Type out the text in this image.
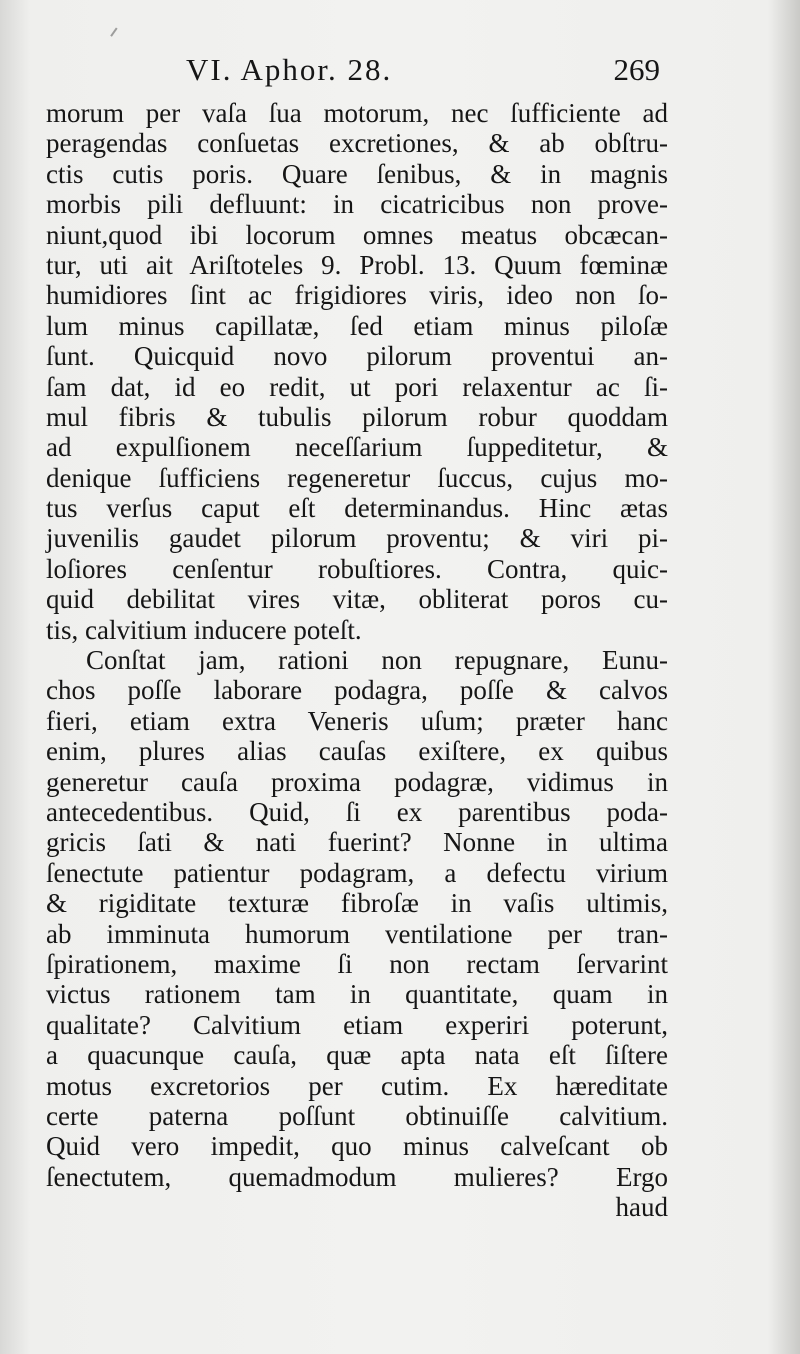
VI. Aphor. 28.	269
morum per vaſa ſua motorum, nec ſufficiente ad
peragendas conſuetas excretiones, & ab obſtru-
ctis cutis poris. Quare ſenibus, & in magnis
morbis pili defluunt: in cicatricibus non prove-
niunt,quod ibi locorum omnes meatus obcæcan-
tur, uti ait Ariſtoteles 9. Probl. 13. Quum fœminæ
humidiores ſint ac frigidiores viris, ideo non ſo-
lum minus capillatæ, ſed etiam minus piloſæ
ſunt. Quicquid novo pilorum proventui an-
ſam dat, id eo redit, ut pori relaxentur ac ſi-
mul fibris & tubulis pilorum robur quoddam
ad expulſionem neceſſarium ſuppeditetur, &
denique ſufficiens regeneretur ſuccus, cujus mo-
tus verſus caput eſt determinandus. Hinc ætas
juvenilis gaudet pilorum proventu; & viri pi-
loſiores cenſentur robuſtiores. Contra, quic-
quid debilitat vires vitæ, obliterat poros cu-
tis, calvitium inducere poteſt.
Conſtat jam, rationi non repugnare, Eunu-
chos poſſe laborare podagra, poſſe & calvos
fieri, etiam extra Veneris uſum; præter hanc
enim, plures alias cauſas exiſtere, ex quibus
generetur cauſa proxima podagræ, vidimus in
antecedentibus. Quid, ſi ex parentibus poda-
gricis ſati & nati fuerint? Nonne in ultima
ſenectute patientur podagram, a defectu virium
& rigiditate texturæ fibroſæ in vaſis ultimis,
ab imminuta humorum ventilatione per tran-
ſpirationem, maxime ſi non rectam ſervarint
victus rationem tam in quantitate, quam in
qualitate? Calvitium etiam experiri poterunt,
a quacunque cauſa, quæ apta nata eſt ſiſtere
motus excretorios per cutim. Ex hæreditate
certe paterna poſſunt obtinuiſſe calvitium.
Quid vero impedit, quo minus calveſcant ob
ſenectutem, quemadmodum mulieres? Ergo
haud
